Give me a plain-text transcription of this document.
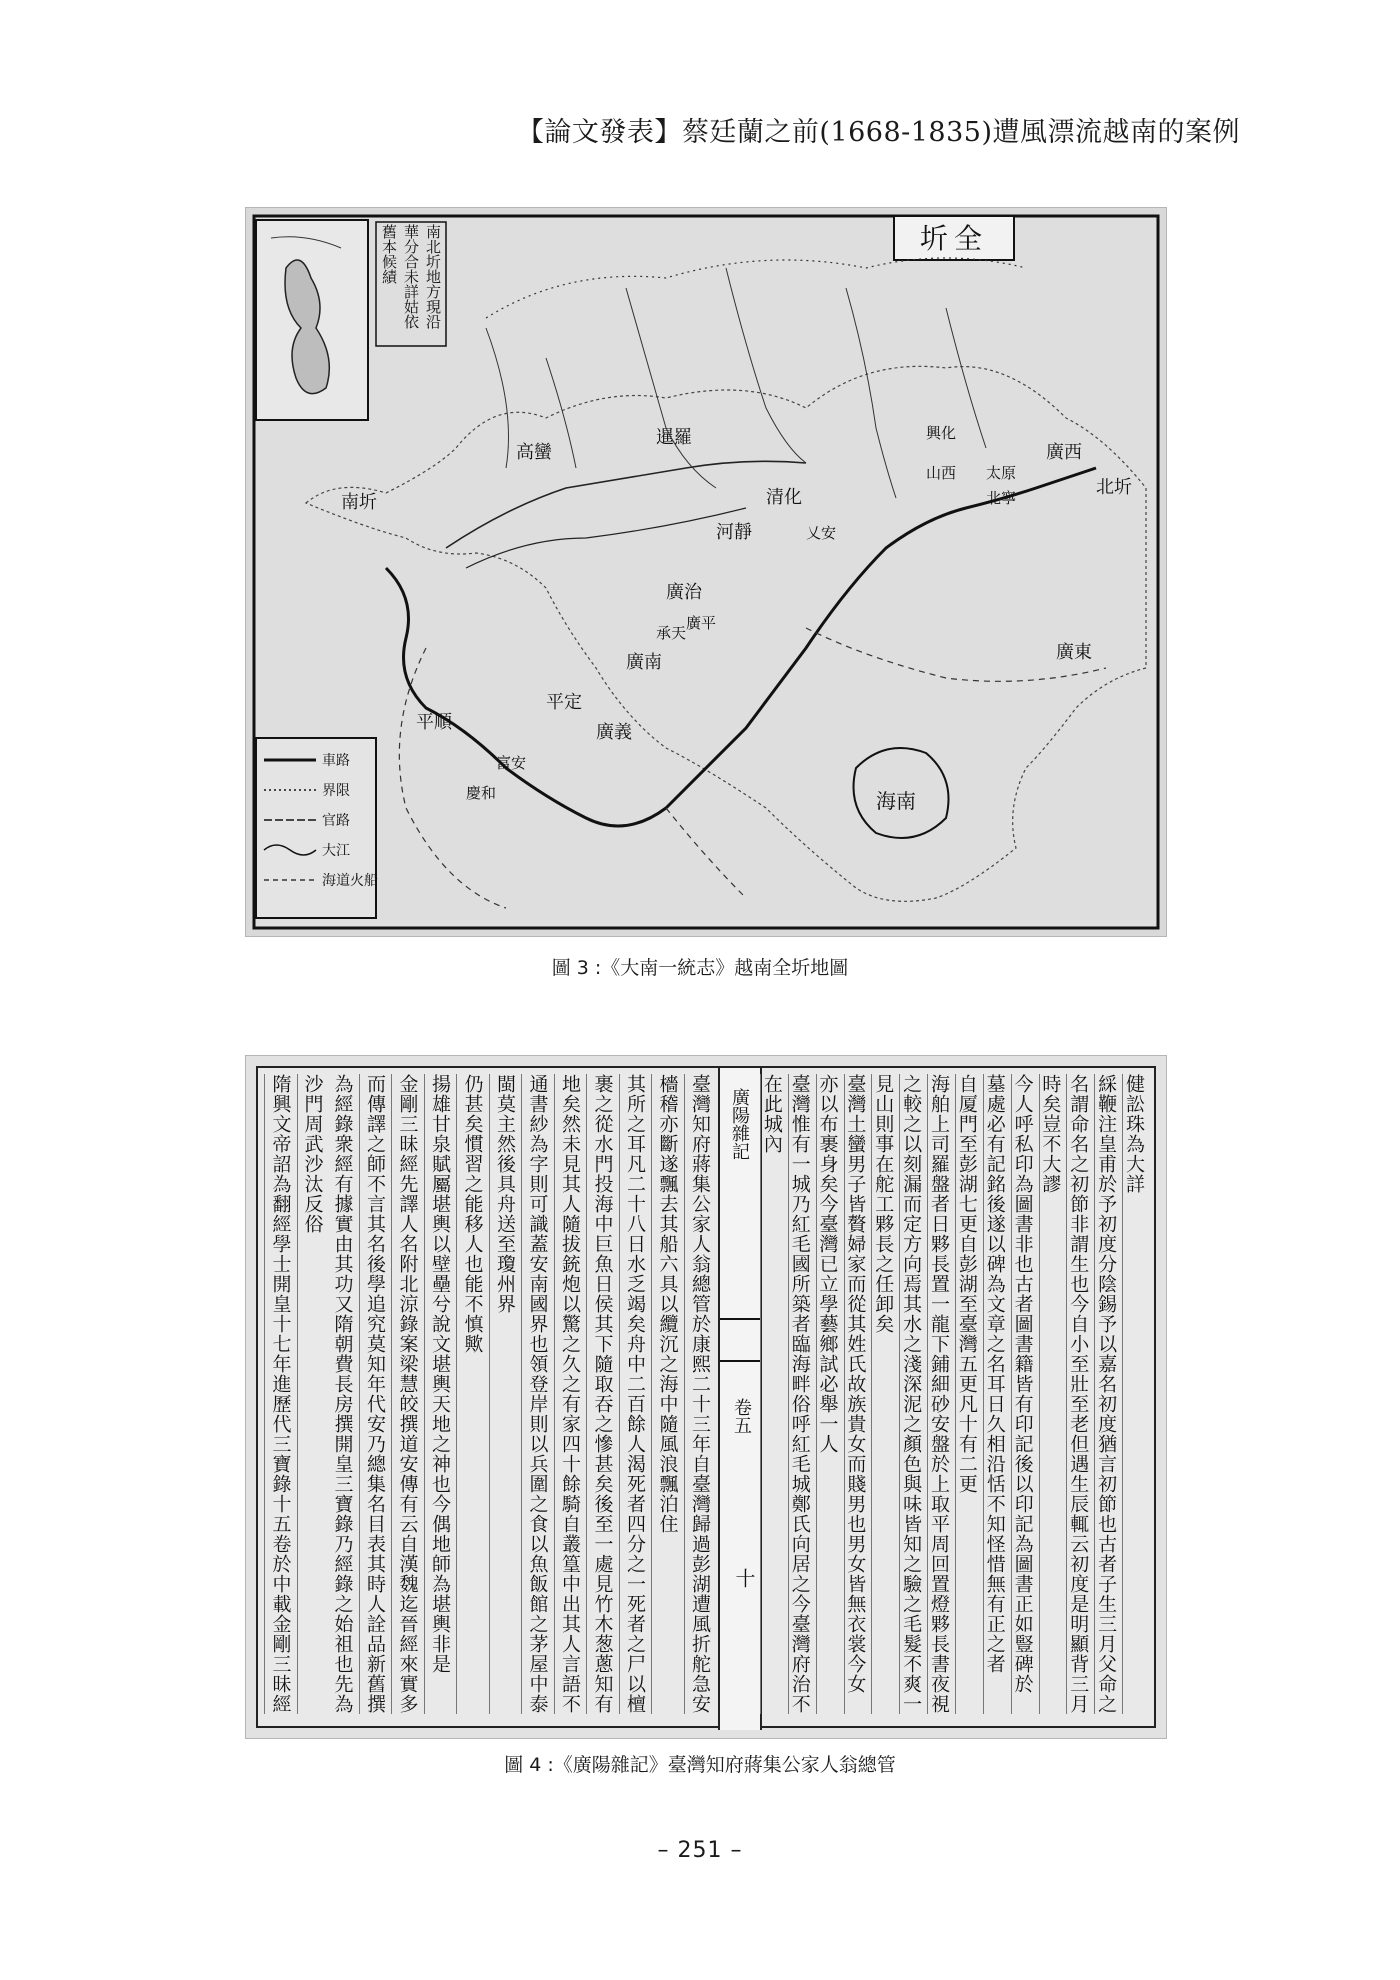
【論文發表】蔡廷蘭之前(1668-1835)遭風漂流越南的案例
圻全
南北圻地方現沿華分合未詳姑依舊本候績
暹羅
高蠻
南圻
北圻
海南
廣東
廣西
清化
廣南
平定
廣義
平順
河靜
廣治
太原
北寧
山西
興化
乂安
廣平
承天
富安
慶和
車路
界限
官路
大江
海道火船
圖 3 :《大南一統志》越南全圻地圖
臺灣知府蔣集公家人翁總管於康熙二十三年自臺灣歸過彭湖遭風折舵急安
檣稽亦斷遂飄去其船六具以纜沉之海中隨風浪飄泊住
其所之耳凡二十八日水乏竭矣舟中二百餘人渴死者四分之一死者之尸以檀
裹之從水門投海中巨魚日侯其下隨取吞之慘甚矣後至一處見竹木葱蔥知有
地矣然未見其人隨拔銃炮以驚之久之有家四十餘騎自叢篁中出其人言語不
通書紗為字則可識蓋安南國界也領登岸則以兵圍之食以魚飯館之茅屋中泰
閩莫主然後具舟送至瓊州界
仍甚矣慣習之能移人也能不慎歟
揚雄甘泉賦屬堪輿以壁壘兮說文堪輿天地之神也今偶地師為堪輿非是
金剛三昧經先譯人名附北涼錄案梁慧皎撰道安傳有云自漢魏迄晉經來實多
而傳譯之師不言其名後學追究莫知年代安乃總集名目表其時人詮品新舊撰
為經錄衆經有據實由其功又隋朝費長房撰開皇三寶錄乃經錄之始祖也先為沙門周武沙汰反俗
隋興文帝詔為翻經學士開皇十七年進歷代三寶錄十五卷於中載金剛三昧經	廣陽雜記
卷五
十
健訟珠為大詳
綵鞭注皇甫於予初度分陰錫予以嘉名初度猶言初節也古者子生三月父命之
名謂命名之初節非謂生也今自小至壯至老但遇生辰輒云初度是明顯背三月
時矣豈不大謬
今人呼私印為圖書非也古者圖書籍皆有印記後以印記為圖書正如豎碑於
墓處必有記銘後遂以碑為文章之名耳日久相沿恬不知怪惜無有正之者
自厦門至彭湖七更自彭湖至臺灣五更凡十有二更
海舶上司羅盤者日夥長置一龍下鋪細砂安盤於上取平周回置燈夥長書夜視
之較之以刻漏而定方向焉其水之淺深泥之顏色與味皆知之驗之毛髮不爽一
見山則事在舵工夥長之任卸矣
臺灣土蠻男子皆贅婦家而從其姓氏故族貴女而賤男也男女皆無衣裳今女
亦以布裹身矣今臺灣已立學藝鄉試必舉一人
臺灣惟有一城乃紅毛國所築者臨海畔俗呼紅毛城鄭氏向居之今臺灣府治不
在此城內
圖 4 :《廣陽雜記》臺灣知府蔣集公家人翁總管
– 251 –
